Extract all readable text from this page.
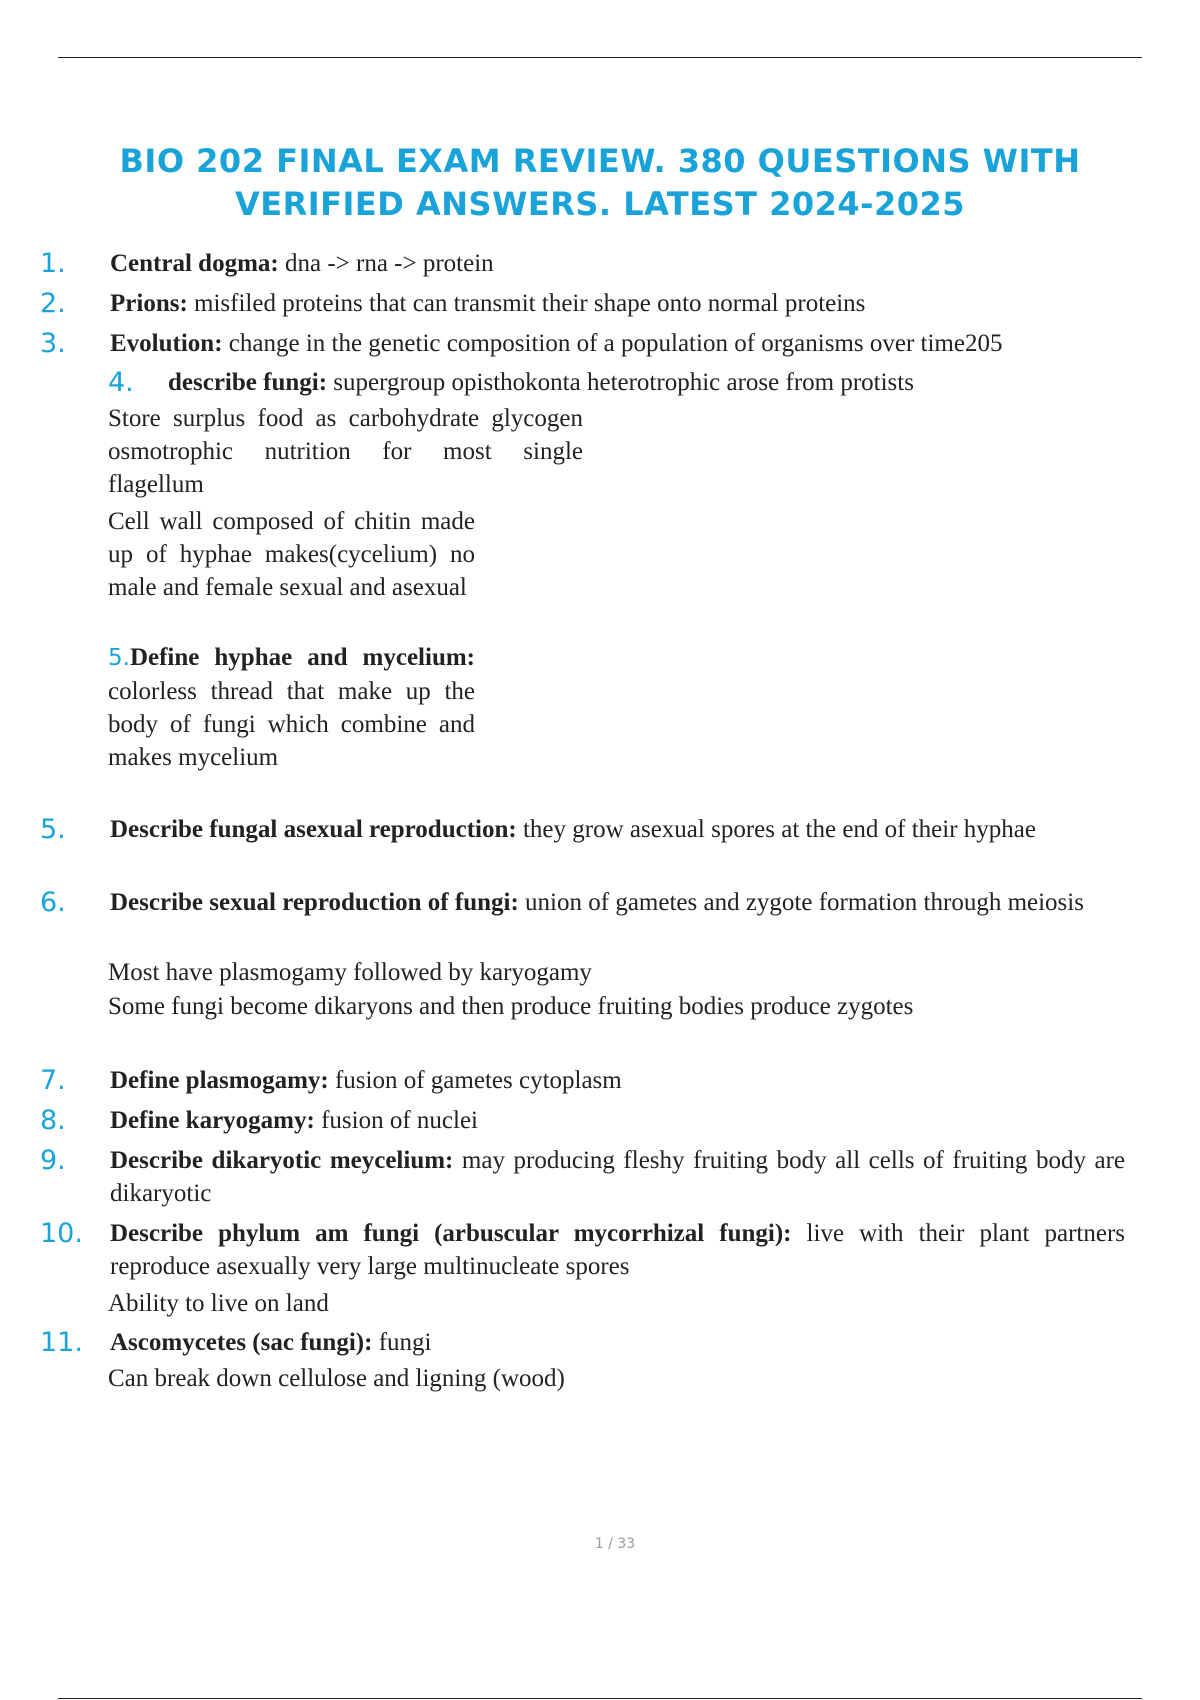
BIO 202 FINAL EXAM REVIEW. 380 QUESTIONS WITH VERIFIED ANSWERS. LATEST 2024-2025
1.	Central dogma: dna -> rna -> protein
2.	Prions: misfiled proteins that can transmit their shape onto normal proteins
3.	Evolution: change in the genetic composition of a population of organisms over time205
4.	describe fungi: supergroup opisthokonta heterotrophic arose from protists
Store surplus food as carbohydrate glycogen osmotrophic nutrition for most single flagellum
Cell wall composed of chitin made up of hyphae makes(cycelium) no male and female sexual and asexual
5.Define hyphae and mycelium: colorless thread that make up the body of fungi which combine and makes mycelium
5.	Describe fungal asexual reproduction: they grow asexual spores at the end of their hyphae
6.	Describe sexual reproduction of fungi: union of gametes and zygote formation through meiosis
Most have plasmogamy followed by karyogamy
Some fungi become dikaryons and then produce fruiting bodies produce zygotes
7.	Define plasmogamy: fusion of gametes cytoplasm
8.	Define karyogamy: fusion of nuclei
9.	Describe dikaryotic meycelium: may producing fleshy fruiting body all cells of fruiting body are dikaryotic
10.	Describe phylum am fungi (arbuscular mycorrhizal fungi): live with their plant partners reproduce asexually very large multinucleate spores
Ability to live on land
11.	Ascomycetes (sac fungi): fungi
Can break down cellulose and ligning (wood)
1 / 33
